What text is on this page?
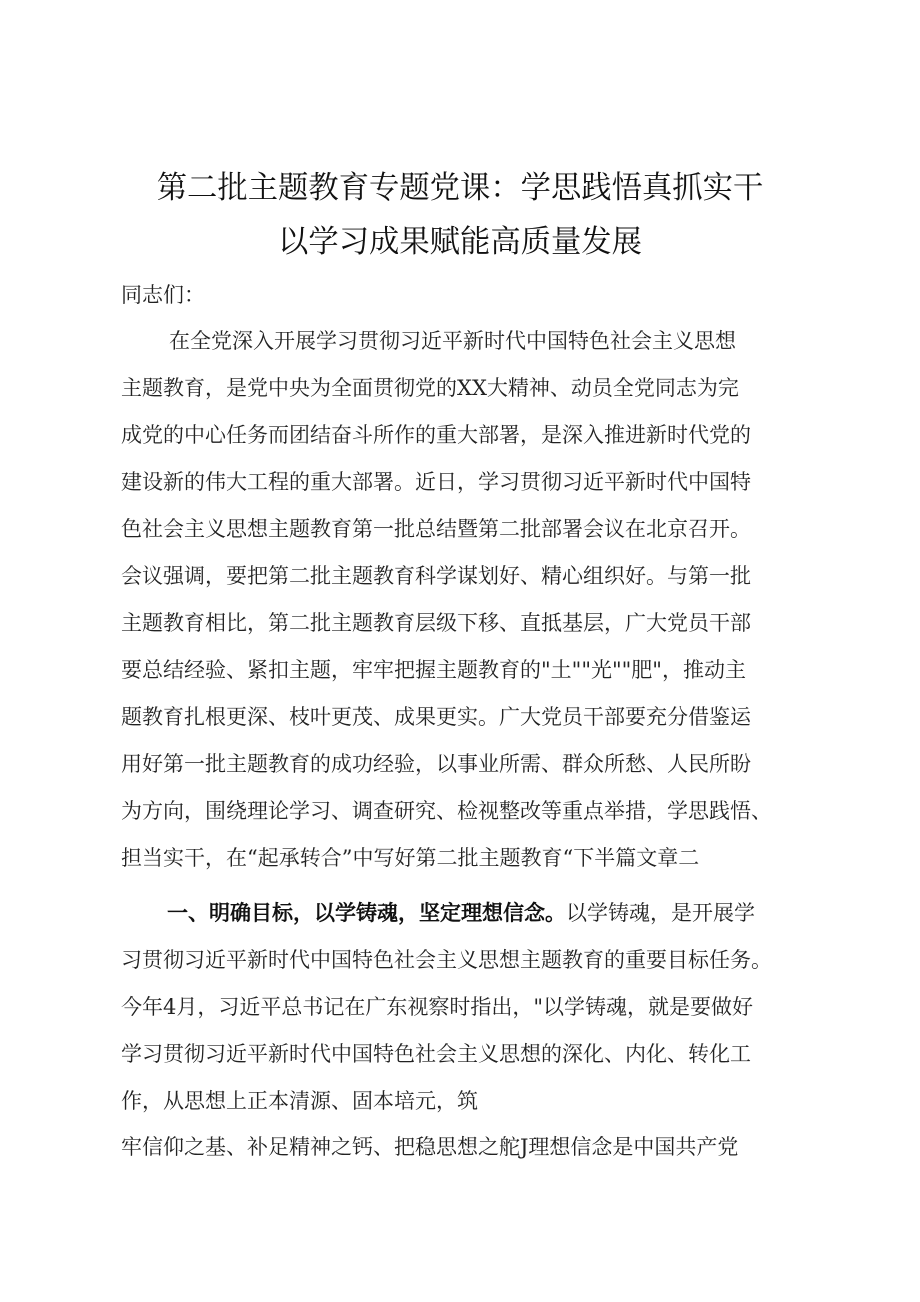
第二批主题教育专题党课：学思践悟真抓实干
以学习成果赋能高质量发展
同志们：
在全党深入开展学习贯彻习近平新时代中国特色社会主义思想
主题教育，是党中央为全面贯彻党的XX大精神、动员全党同志为完
成党的中心任务而团结奋斗所作的重大部署，是深入推进新时代党的
建设新的伟大工程的重大部署。近日，学习贯彻习近平新时代中国特
色社会主义思想主题教育第一批总结暨第二批部署会议在北京召开。
会议强调，要把第二批主题教育科学谋划好、精心组织好。与第一批
主题教育相比，第二批主题教育层级下移、直抵基层，广大党员干部
要总结经验、紧扣主题，牢牢把握主题教育的"土""光""肥"，推动主
题教育扎根更深、枝叶更茂、成果更实。广大党员干部要充分借鉴运
用好第一批主题教育的成功经验，以事业所需、群众所愁、人民所盼
为方向，围绕理论学习、调查研究、检视整改等重点举措，学思践悟、
担当实干，在“起承转合”中写好第二批主题教育“下半篇文章二
一、明确目标，以学铸魂，坚定理想信念。以学铸魂，是开展学
习贯彻习近平新时代中国特色社会主义思想主题教育的重要目标任务。
今年4月，习近平总书记在广东视察时指出，"以学铸魂，就是要做好
学习贯彻习近平新时代中国特色社会主义思想的深化、内化、转化工
作，从思想上正本清源、固本培元，筑
牢信仰之基、补足精神之钙、把稳思想之舵J理想信念是中国共产党
